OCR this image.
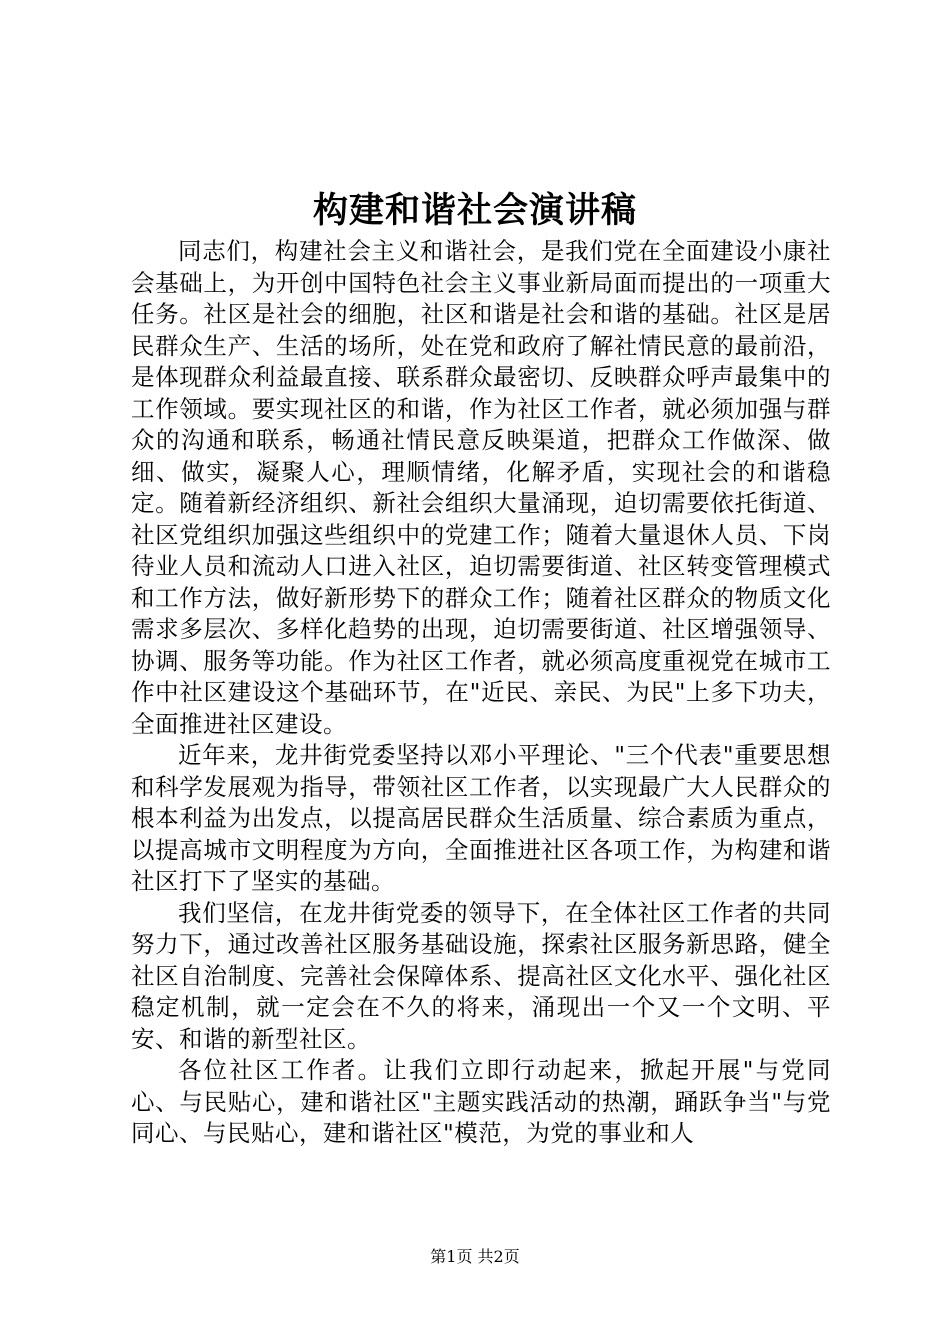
构建和谐社会演讲稿

同志们，构建社会主义和谐社会，是我们党在全面建设小康社会基础上，为开创中国特色社会主义事业新局面而提出的一项重大任务。社区是社会的细胞，社区和谐是社会和谐的基础。社区是居民群众生产、生活的场所，处在党和政府了解社情民意的最前沿，是体现群众利益最直接、联系群众最密切、反映群众呼声最集中的工作领域。要实现社区的和谐，作为社区工作者，就必须加强与群众的沟通和联系，畅通社情民意反映渠道，把群众工作做深、做细、做实，凝聚人心，理顺情绪，化解矛盾，实现社会的和谐稳定。随着新经济组织、新社会组织大量涌现，迫切需要依托街道、社区党组织加强这些组织中的党建工作；随着大量退休人员、下岗待业人员和流动人口进入社区，迫切需要街道、社区转变管理模式和工作方法，做好新形势下的群众工作；随着社区群众的物质文化需求多层次、多样化趋势的出现，迫切需要街道、社区增强领导、协调、服务等功能。作为社区工作者，就必须高度重视党在城市工作中社区建设这个基础环节，在"近民、亲民、为民"上多下功夫，全面推进社区建设。

近年来，龙井街党委坚持以邓小平理论、"三个代表"重要思想和科学发展观为指导，带领社区工作者，以实现最广大人民群众的根本利益为出发点，以提高居民群众生活质量、综合素质为重点，以提高城市文明程度为方向，全面推进社区各项工作，为构建和谐社区打下了坚实的基础。

我们坚信，在龙井街党委的领导下，在全体社区工作者的共同努力下，通过改善社区服务基础设施，探索社区服务新思路，健全社区自治制度、完善社会保障体系、提高社区文化水平、强化社区稳定机制，就一定会在不久的将来，涌现出一个又一个文明、平安、和谐的新型社区。

各位社区工作者。让我们立即行动起来，掀起开展"与党同心、与民贴心，建和谐社区"主题实践活动的热潮，踊跃争当"与党同心、与民贴心，建和谐社区"模范，为党的事业和人

第1页 共2页
